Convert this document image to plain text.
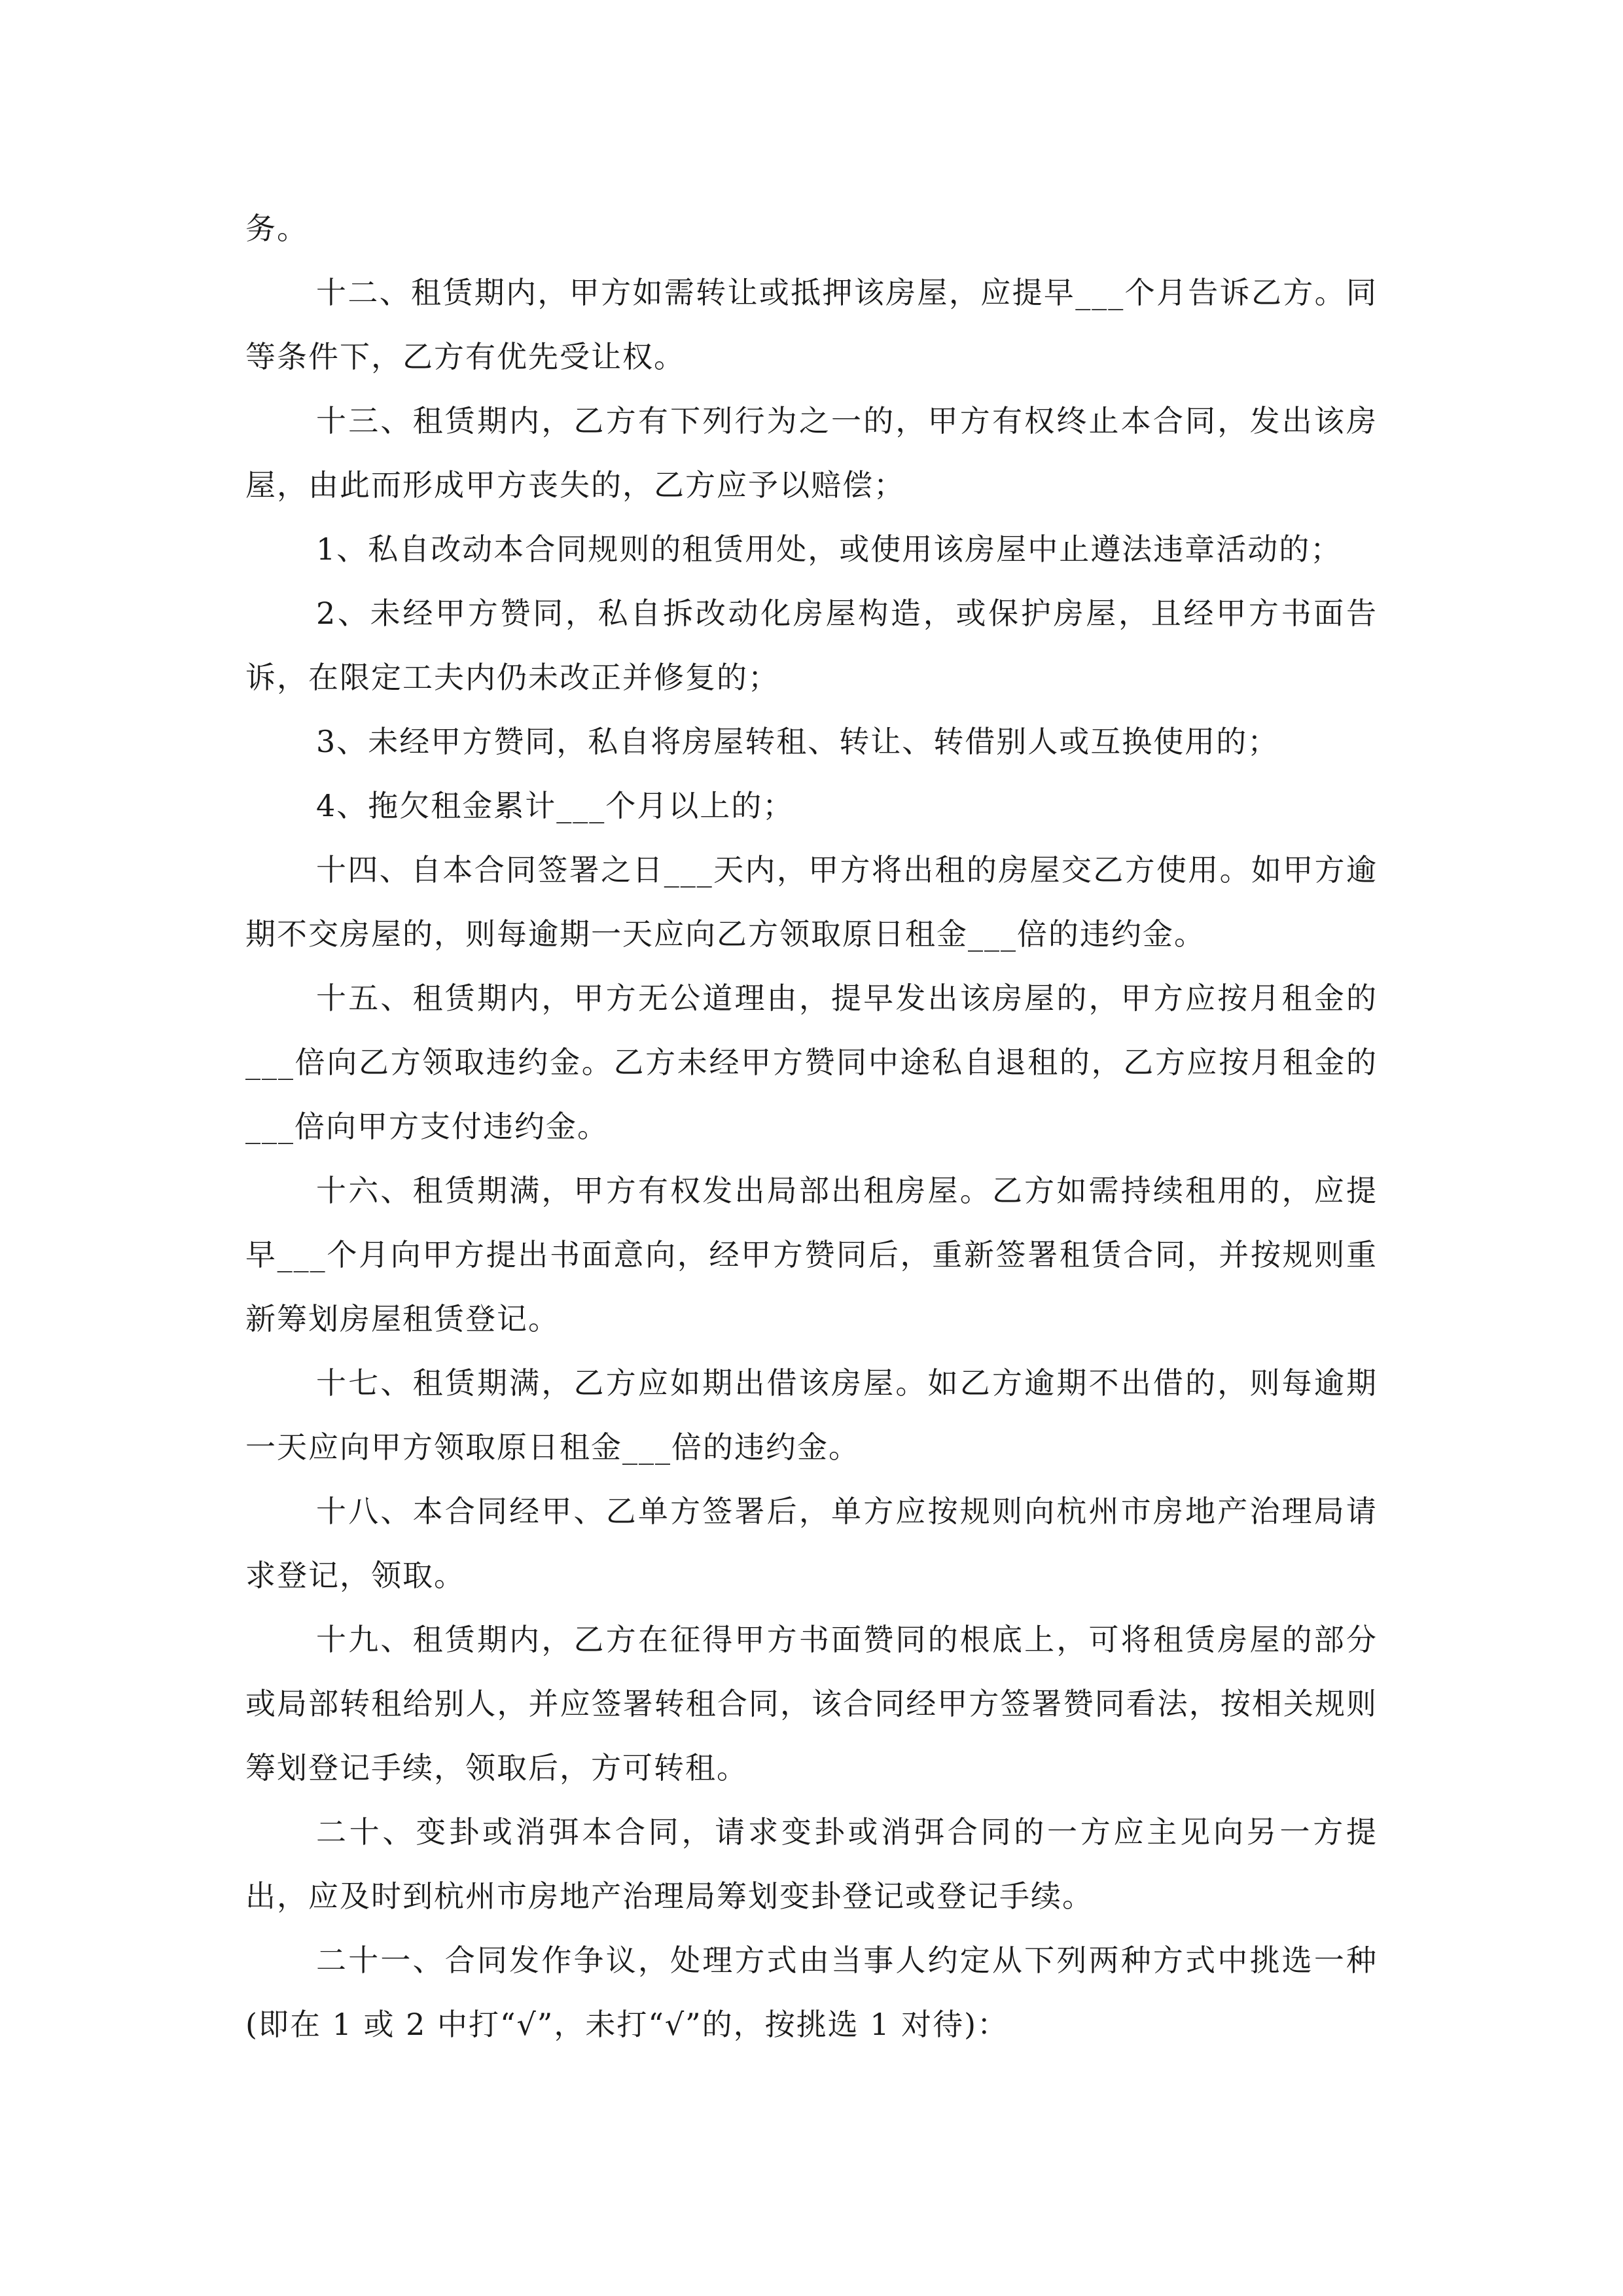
务。

十二、租赁期内，甲方如需转让或抵押该房屋，应提早___个月告诉乙方。同等条件下，乙方有优先受让权。

十三、租赁期内，乙方有下列行为之一的，甲方有权终止本合同，发出该房屋，由此而形成甲方丧失的，乙方应予以赔偿；

1、私自改动本合同规则的租赁用处，或使用该房屋中止遵法违章活动的；

2、未经甲方赞同，私自拆改动化房屋构造，或保护房屋，且经甲方书面告诉，在限定工夫内仍未改正并修复的；

3、未经甲方赞同，私自将房屋转租、转让、转借别人或互换使用的；

4、拖欠租金累计___个月以上的；

十四、自本合同签署之日___天内，甲方将出租的房屋交乙方使用。如甲方逾期不交房屋的，则每逾期一天应向乙方领取原日租金___倍的违约金。

十五、租赁期内，甲方无公道理由，提早发出该房屋的，甲方应按月租金的___倍向乙方领取违约金。乙方未经甲方赞同中途私自退租的，乙方应按月租金的___倍向甲方支付违约金。

十六、租赁期满，甲方有权发出局部出租房屋。乙方如需持续租用的，应提早___个月向甲方提出书面意向，经甲方赞同后，重新签署租赁合同，并按规则重新筹划房屋租赁登记。

十七、租赁期满，乙方应如期出借该房屋。如乙方逾期不出借的，则每逾期一天应向甲方领取原日租金___倍的违约金。

十八、本合同经甲、乙单方签署后，单方应按规则向杭州市房地产治理局请求登记，领取。

十九、租赁期内，乙方在征得甲方书面赞同的根底上，可将租赁房屋的部分或局部转租给别人，并应签署转租合同，该合同经甲方签署赞同看法，按相关规则筹划登记手续，领取后，方可转租。

二十、变卦或消弭本合同，请求变卦或消弭合同的一方应主见向另一方提出，应及时到杭州市房地产治理局筹划变卦登记或登记手续。

二十一、合同发作争议，处理方式由当事人约定从下列两种方式中挑选一种(即在 1 或 2 中打“√”，未打“√”的，按挑选 1 对待)：
